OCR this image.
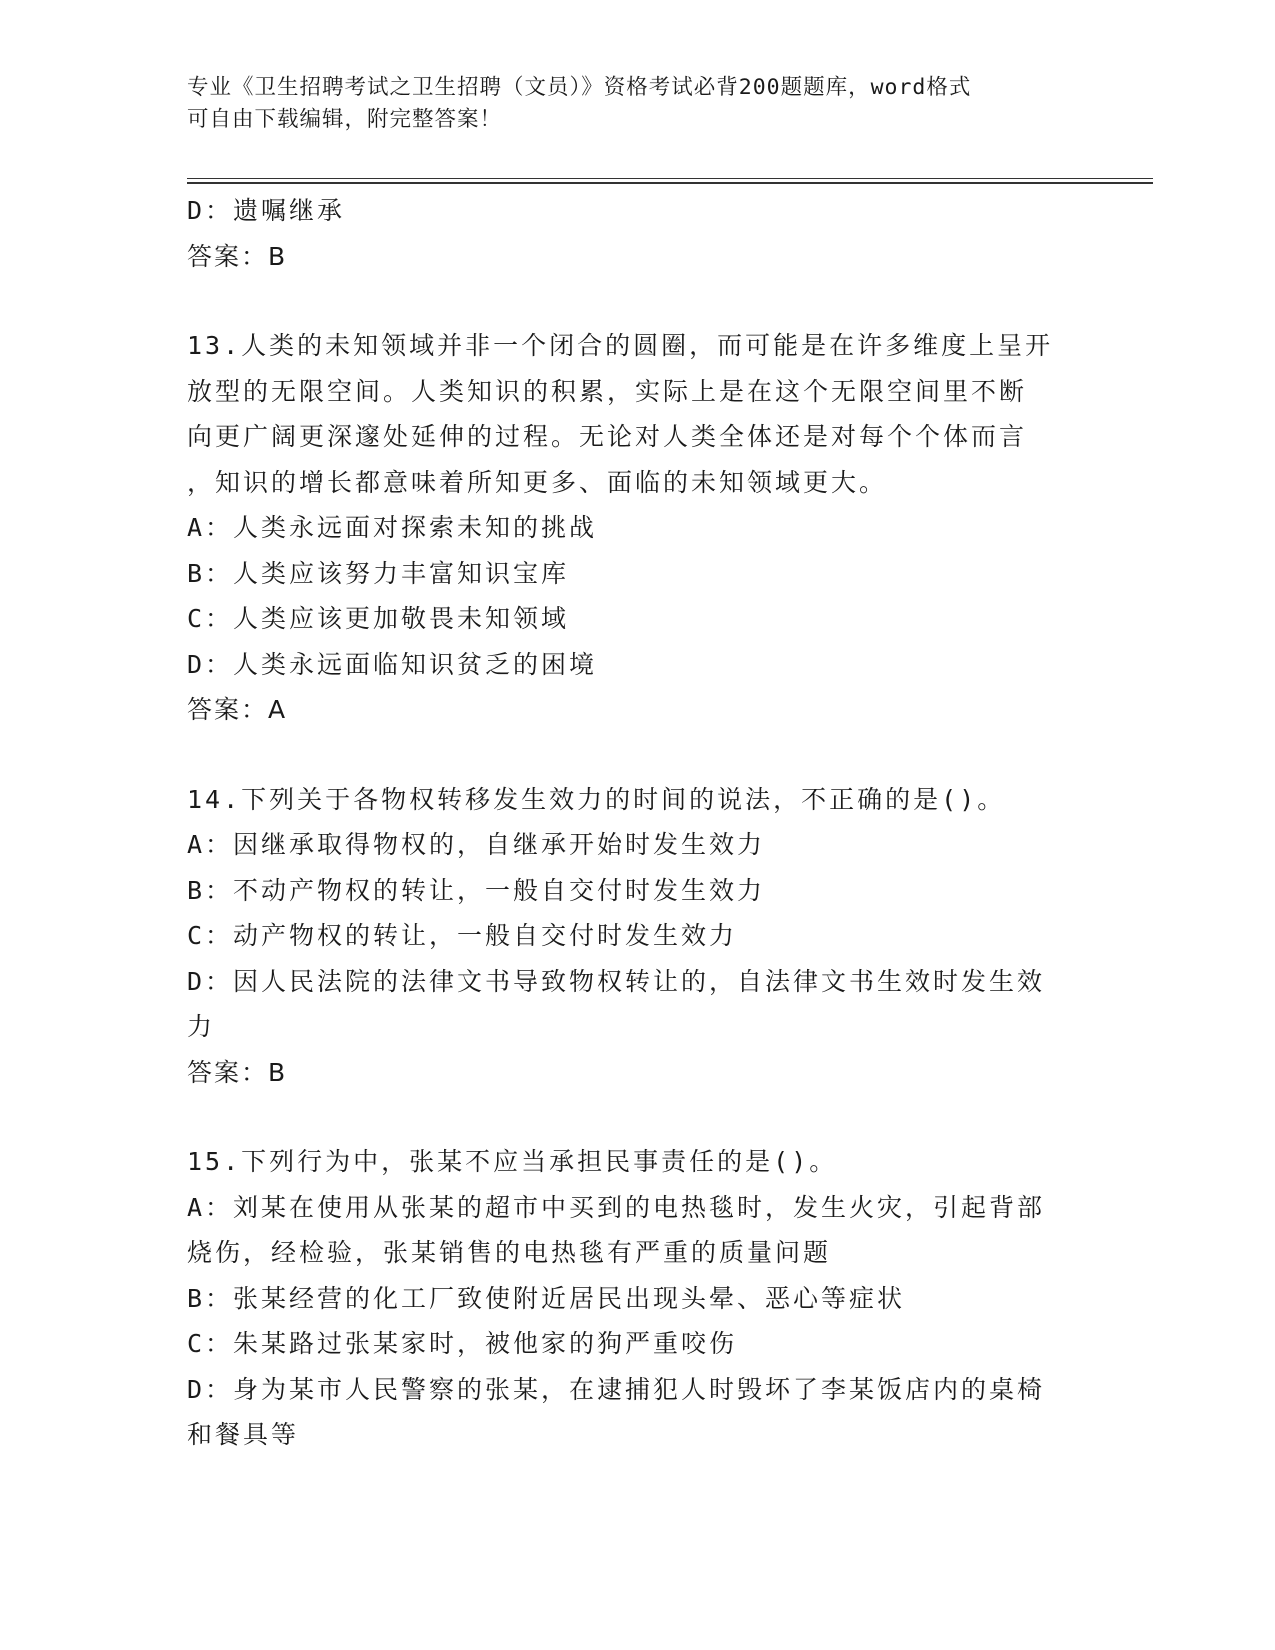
专业《卫生招聘考试之卫生招聘（文员）》资格考试必背200题题库，word格式
可自由下载编辑，附完整答案！
D：遗嘱继承
答案：B
13.人类的未知领域并非一个闭合的圆圈，而可能是在许多维度上呈开
放型的无限空间。人类知识的积累，实际上是在这个无限空间里不断
向更广阔更深邃处延伸的过程。无论对人类全体还是对每个个体而言
，知识的增长都意味着所知更多、面临的未知领域更大。
A：人类永远面对探索未知的挑战
B：人类应该努力丰富知识宝库
C：人类应该更加敬畏未知领域
D：人类永远面临知识贫乏的困境
答案：A
14.下列关于各物权转移发生效力的时间的说法，不正确的是()。
A：因继承取得物权的，自继承开始时发生效力
B：不动产物权的转让，一般自交付时发生效力
C：动产物权的转让，一般自交付时发生效力
D：因人民法院的法律文书导致物权转让的，自法律文书生效时发生效
力
答案：B
15.下列行为中，张某不应当承担民事责任的是()。
A：刘某在使用从张某的超市中买到的电热毯时，发生火灾，引起背部
烧伤，经检验，张某销售的电热毯有严重的质量问题
B：张某经营的化工厂致使附近居民出现头晕、恶心等症状
C：朱某路过张某家时，被他家的狗严重咬伤
D：身为某市人民警察的张某，在逮捕犯人时毁坏了李某饭店内的桌椅
和餐具等
